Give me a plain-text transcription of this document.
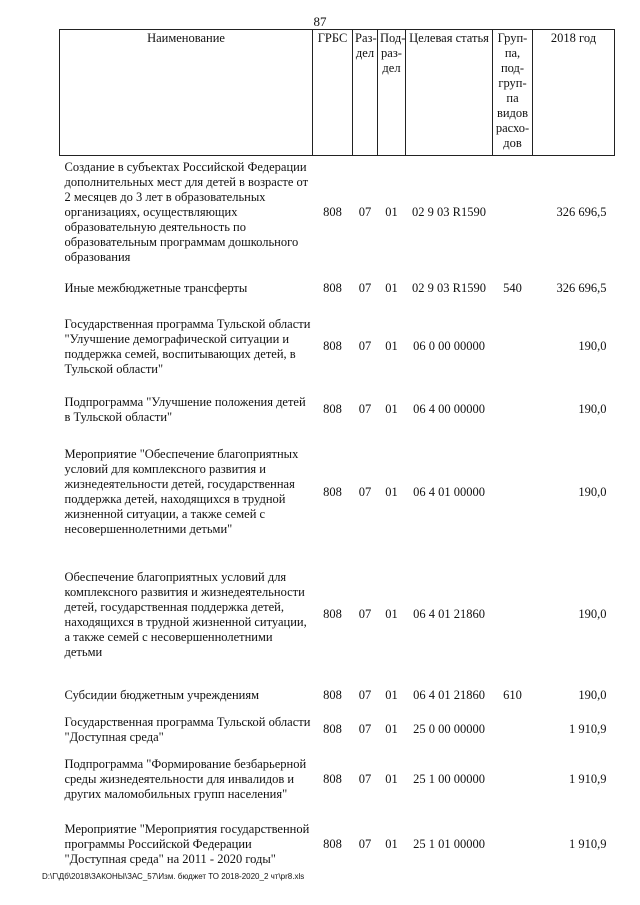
87
Наименование	ГРБС	Раз-дел	Под-раз-дел	Целевая статья	Груп-па, под-груп-па видов расхо-дов	2018 год
Создание в субъектах Российской Федерации дополнительных мест для детей в возрасте от 2 месяцев до 3 лет в образовательных организациях, осуществляющих образовательную деятельность по образовательным программам дошкольного образования	808	07	01	02 9 03 R1590		326 696,5
Иные межбюджетные трансферты	808	07	01	02 9 03 R1590	540	326 696,5
Государственная программа Тульской области "Улучшение демографической ситуации и поддержка семей, воспитывающих детей, в Тульской области"	808	07	01	06 0 00 00000		190,0
Подпрограмма "Улучшение положения детей в Тульской области"	808	07	01	06 4 00 00000		190,0
Мероприятие "Обеспечение благоприятных условий для комплексного развития и жизнедеятельности детей, государственная поддержка детей, находящихся в трудной жизненной ситуации, а также семей с несовершеннолетними детьми"	808	07	01	06 4 01 00000		190,0
Обеспечение благоприятных условий для комплексного развития и жизнедеятельности детей, государственная поддержка детей, находящихся в трудной жизненной ситуации, а также семей с несовершеннолетними детьми	808	07	01	06 4 01 21860		190,0
Субсидии бюджетным учреждениям	808	07	01	06 4 01 21860	610	190,0
Государственная программа Тульской области "Доступная среда"	808	07	01	25 0 00 00000		1 910,9
Подпрограмма "Формирование безбарьерной среды жизнедеятельности для инвалидов и других маломобильных групп населения"	808	07	01	25 1 00 00000		1 910,9
Мероприятие "Мероприятия государственной программы Российской Федерации "Доступная среда" на 2011 - 2020 годы"	808	07	01	25 1 01 00000		1 910,9
D:\Г\Дб\2018\ЗАКОНЫ\ЗАС_57\Изм. бюджет ТО 2018-2020_2 чт\pr8.xls
